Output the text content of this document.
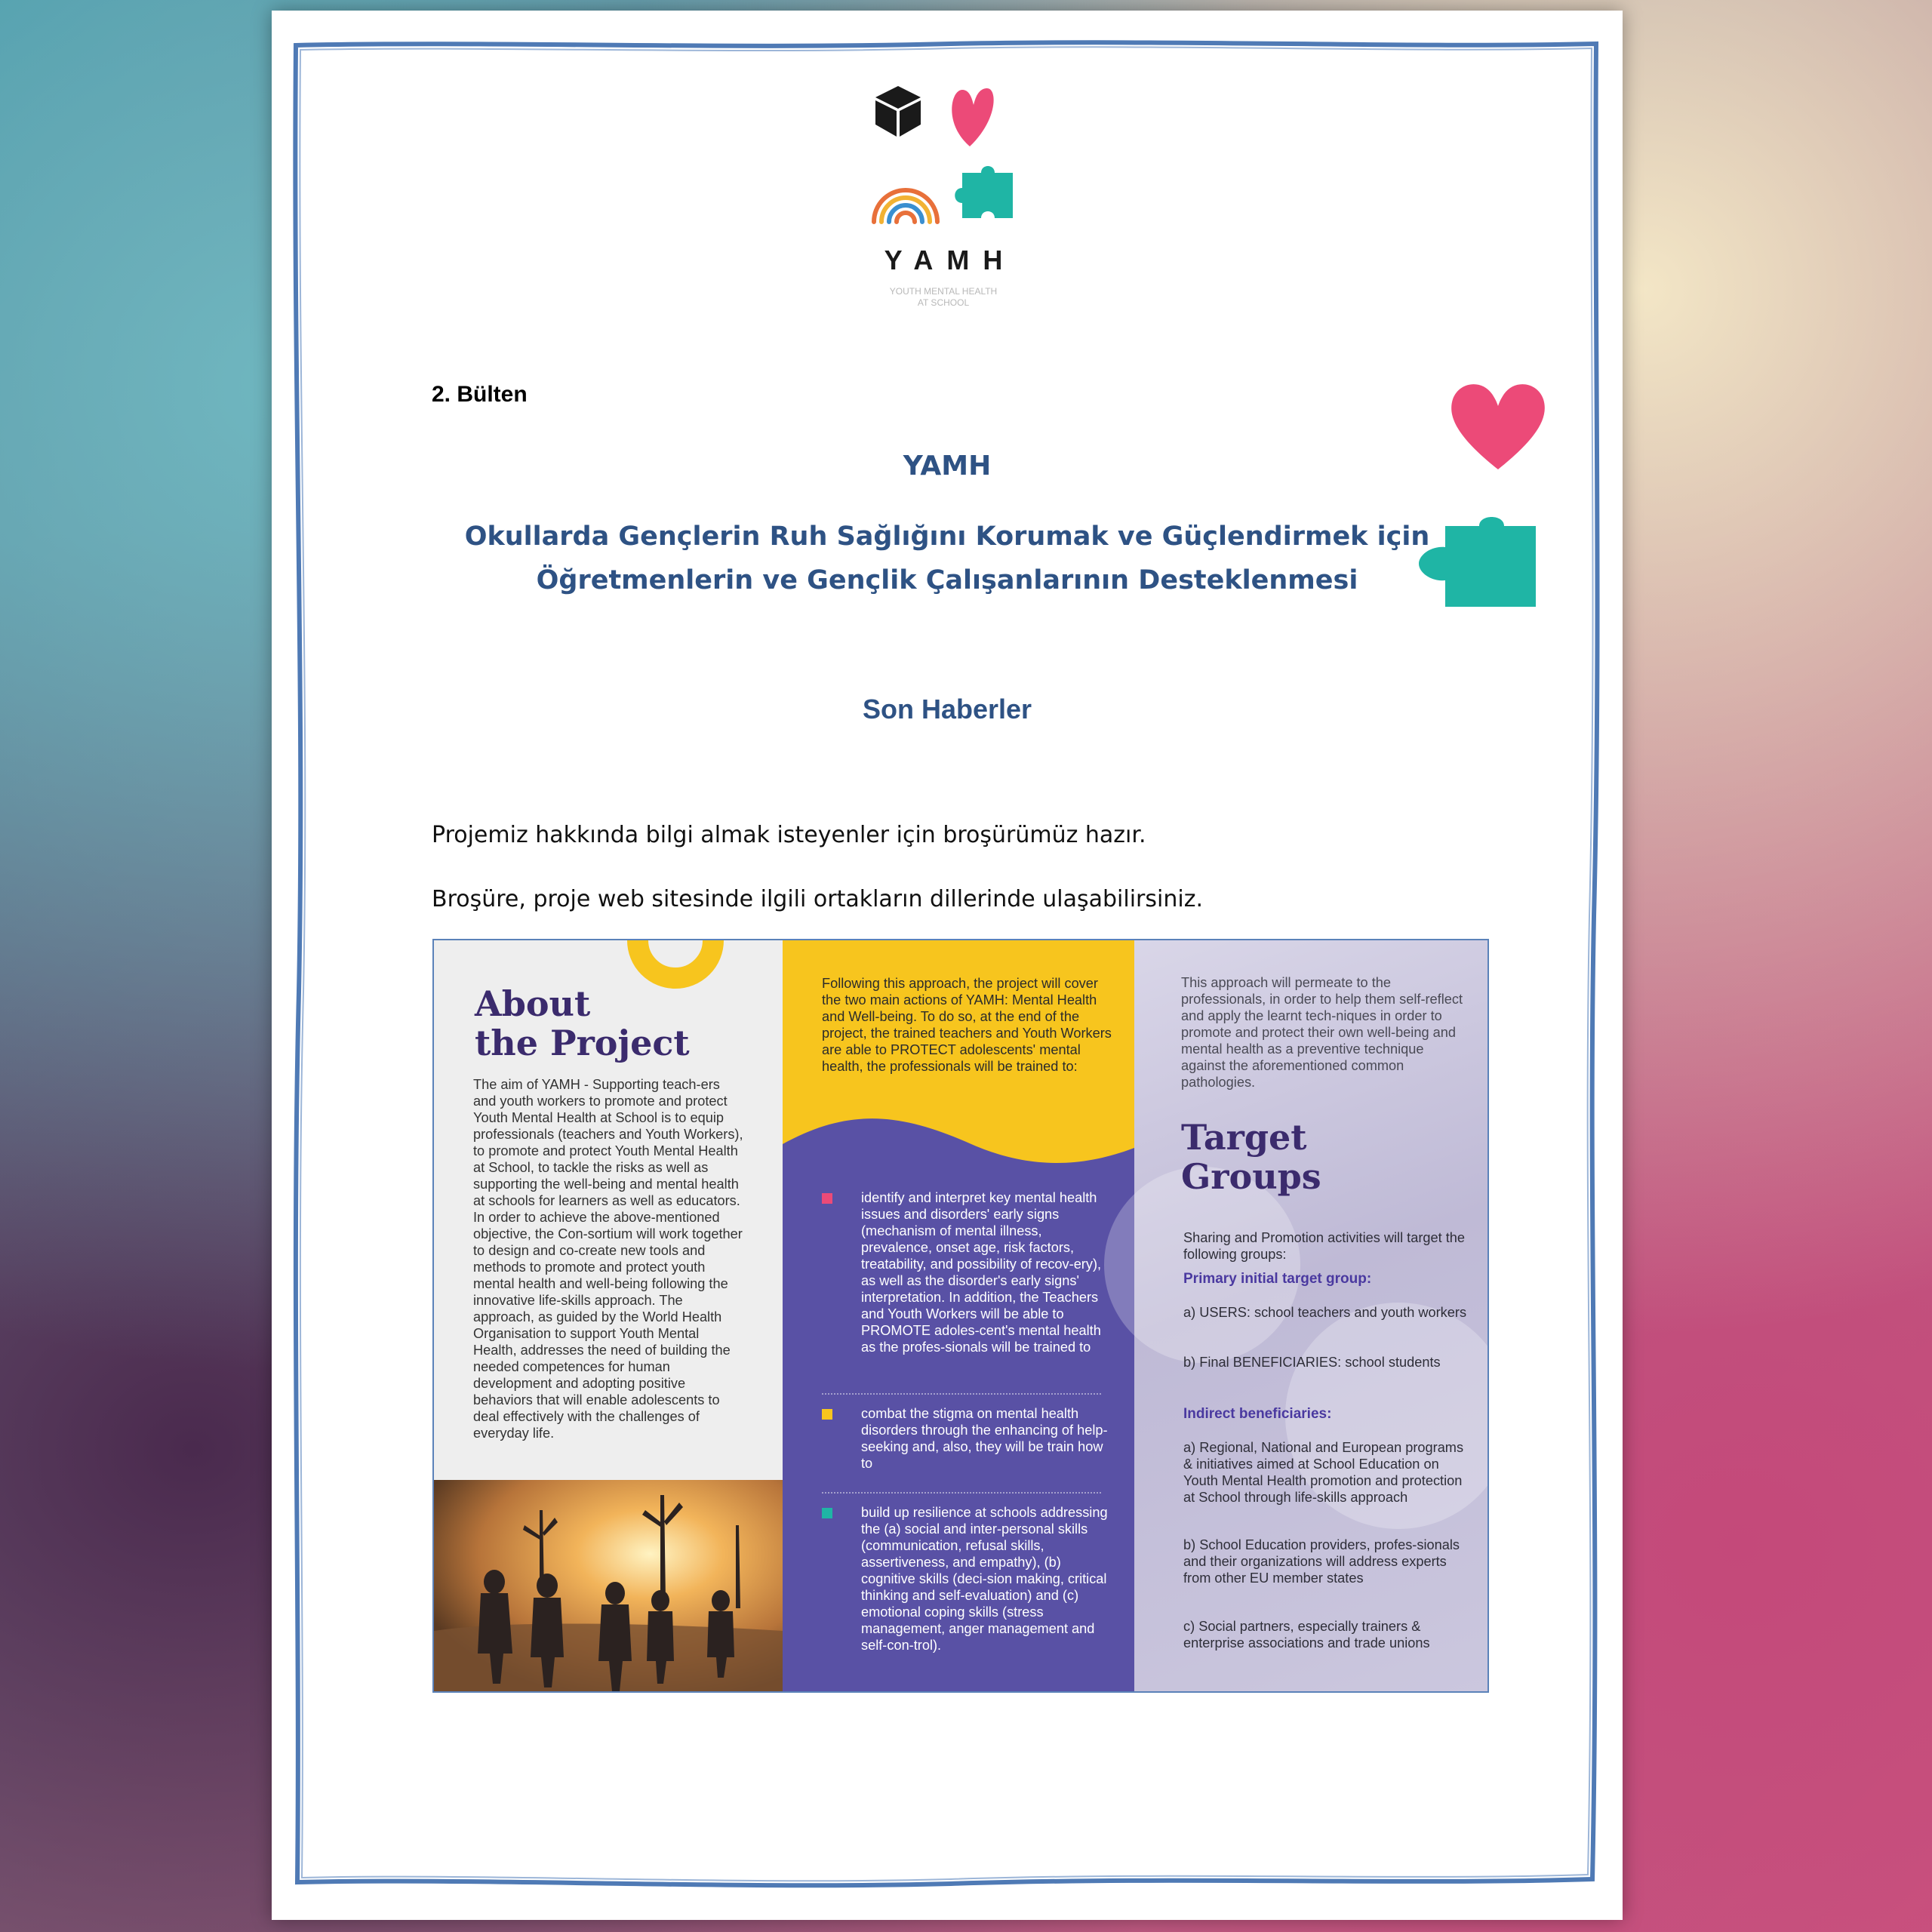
YAMH
YOUTH MENTAL HEALTH
AT SCHOOL
2. Bülten
YAMH
Okullarda Gençlerin Ruh Sağlığını Korumak ve Güçlendirmek için
Öğretmenlerin ve Gençlik Çalışanlarının Desteklenmesi
Son Haberler
Projemiz hakkında bilgi almak isteyenler için broşürümüz hazır.
Broşüre, proje web sitesinde ilgili ortakların dillerinde ulaşabilirsiniz.
About
the Project
The aim of YAMH - Supporting teach-ers and youth workers to promote and protect Youth Mental Health at School is to equip professionals (teachers and Youth Workers), to promote and protect Youth Mental Health at School, to tackle the risks as well as supporting the well-being and mental health at schools for learners as well as educators. In order to achieve the above-mentioned objective, the Con-sortium will work together to design and co-create new tools and methods to promote and protect youth mental health and well-being following the innovative life-skills approach. The approach, as guided by the World Health Organisation to support Youth Mental Health, addresses the need of building the needed competences for human development and adopting positive behaviors that will enable adolescents to deal effectively with the challenges of everyday life.
Following this approach, the project will cover the two main actions of YAMH: Mental Health and Well-being. To do so, at the end of the project, the trained teachers and Youth Workers are able to PROTECT adolescents' mental health, the professionals will be trained to:
identify and interpret key mental health issues and disorders' early signs (mechanism of mental illness, prevalence, onset age, risk factors, treatability, and possibility of recov-ery), as well as the disorder's early signs' interpretation. In addition, the Teachers and Youth Workers will be able to PROMOTE adoles-cent's mental health as the profes-sionals will be trained to
combat the stigma on mental health disorders through the enhancing of help-seeking and, also, they will be train how to
build up resilience at schools addressing the (a) social and inter-personal skills (communication, refusal skills, assertiveness, and empathy), (b) cognitive skills (deci-sion making, critical thinking and self-evaluation) and (c) emotional coping skills (stress management, anger management and self-con-trol).
This approach will permeate to the professionals, in order to help them self-reflect and apply the learnt tech-niques in order to promote and protect their own well-being and mental health as a preventive technique against the aforementioned common pathologies.
Target
Groups
Sharing and Promotion activities will target the following groups:
Primary initial target group:
a) USERS: school teachers and youth workers
b) Final BENEFICIARIES: school students
Indirect beneficiaries:
a) Regional, National and European programs & initiatives aimed at School Education on Youth Mental Health promotion and protection at School through life-skills approach
b) School Education providers, profes-sionals and their organizations will address experts from other EU member states
c) Social partners, especially trainers & enterprise associations and trade unions
